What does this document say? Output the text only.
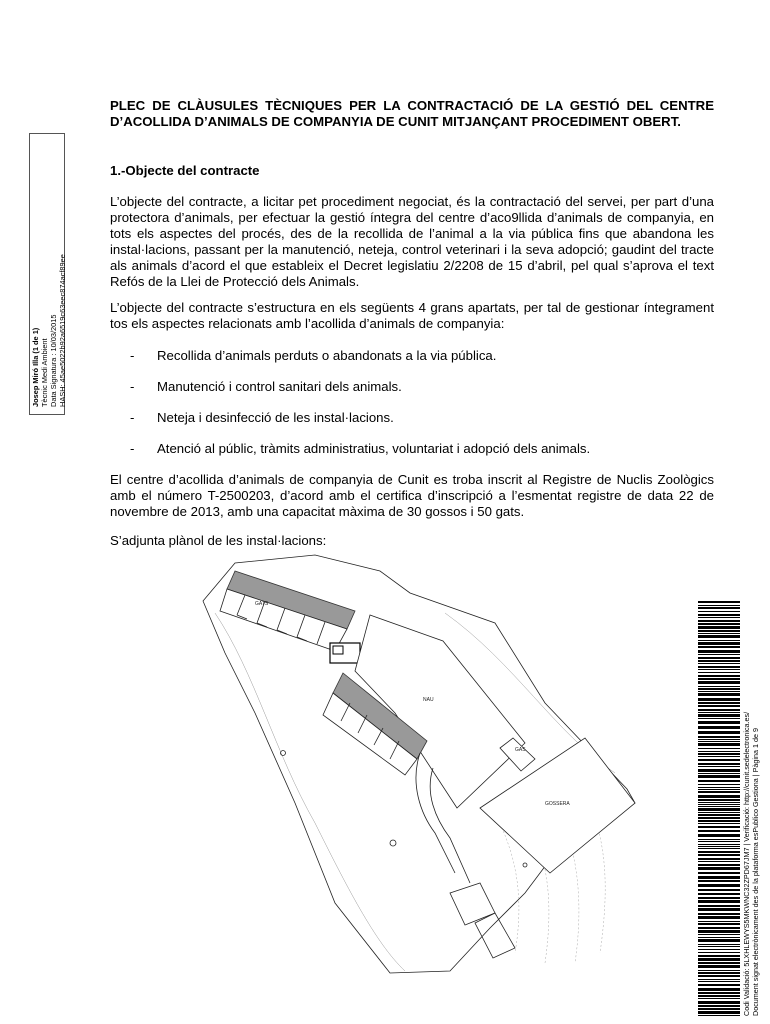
PLEC DE CLÀUSULES TÈCNIQUES PER LA CONTRACTACIÓ DE LA GESTIÓ DEL CENTRE D’ACOLLIDA D’ANIMALS DE COMPANYIA DE CUNIT MITJANÇANT PROCEDIMENT OBERT.
1.-Objecte del contracte

L’objecte del contracte, a licitar pet procediment negociat, és la contractació del servei, per part d’una protectora d’animals, per efectuar la gestió íntegra del centre d’aco9llida d’animals de companyia, en tots els aspectes del procés, des de la recollida de l’animal a la via pública fins que abandona les instal·lacions, passant per la manutenció, neteja, control veterinari i la seva adopció; gaudint del tracte als animals d’acord el que estableix el Decret legislatiu 2/2208 de 15 d’abril, pel qual s’aprova el text Refós de la Llei de Protecció dels Animals.

L’objecte del contracte s’estructura en els següents 4 grans apartats, per tal de gestionar íntegrament tos els aspectes relacionats amb l’acollida d’animals de companyia:

- Recollida d’animals perduts o abandonats a la via pública.
- Manutenció i control sanitari dels animals.
- Neteja i desinfecció de les instal·lacions.
- Atenció al públic, tràmits administratius, voluntariat i adopció dels animals.

El centre d’acollida d’animals de companyia de Cunit es troba inscrit al Registre de Nuclis Zoològics amb el número T-2500203, d’acord amb el certifica d’inscripció a l’esmentat registre de data 22 de novembre de 2013, amb una capacitat màxima de 30 gossos i 50 gats.

S’adjunta plànol de les instal·lacions:

Josep Miró Illa (1 de 1) Tècnic Medi Ambient Data Signatura : 10/03/2015 HASH: 45ae5022b92a6519c63eec874acf89ee
Codi Validació: 5LXHLEWYS5MKWNC32ZPD67JM7 | Verificació: http://cunit.sedelectronica.es/ Document signat electrònicament des de la plataforma esPublico Gestiona | Pàgina 1 de 9
GATS
NAU
GAS
GOSSERA
